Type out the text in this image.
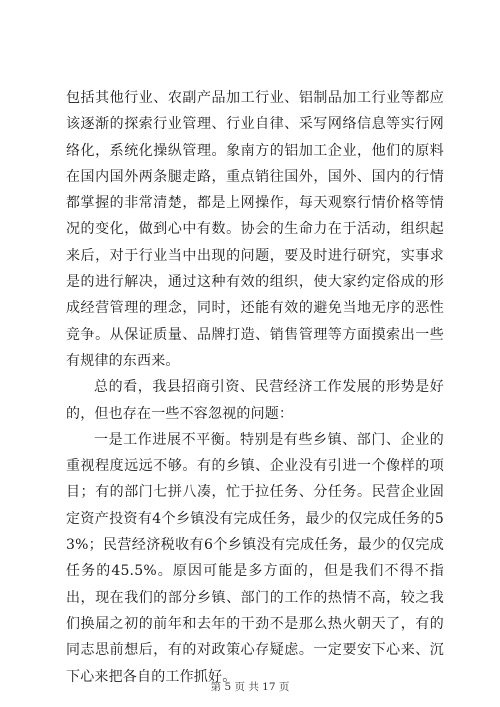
包括其他行业、农副产品加工行业、铝制品加工行业等都应该逐渐的探索行业管理、行业自律、采写网络信息等实行网络化，系统化操纵管理。象南方的铝加工企业，他们的原料在国内国外两条腿走路，重点销往国外，国外、国内的行情都掌握的非常清楚，都是上网操作，每天观察行情价格等情况的变化，做到心中有数。协会的生命力在于活动，组织起来后，对于行业当中出现的问题，要及时进行研究，实事求是的进行解决，通过这种有效的组织，使大家约定俗成的形成经营管理的理念，同时，还能有效的避免当地无序的恶性竞争。从保证质量、品牌打造、销售管理等方面摸索出一些有规律的东西来。

总的看，我县招商引资、民营经济工作发展的形势是好的，但也存在一些不容忽视的问题：

一是工作进展不平衡。特别是有些乡镇、部门、企业的重视程度远远不够。有的乡镇、企业没有引进一个像样的项目；有的部门七拼八凑，忙于拉任务、分任务。民营企业固定资产投资有4个乡镇没有完成任务，最少的仅完成任务的53%；民营经济税收有6个乡镇没有完成任务，最少的仅完成任务的45.5%。原因可能是多方面的，但是我们不得不指出，现在我们的部分乡镇、部门的工作的热情不高，较之我们换届之初的前年和去年的干劲不是那么热火朝天了，有的同志思前想后，有的对政策心存疑虑。一定要安下心来、沉下心来把各自的工作抓好。

第 5 页 共 17 页
